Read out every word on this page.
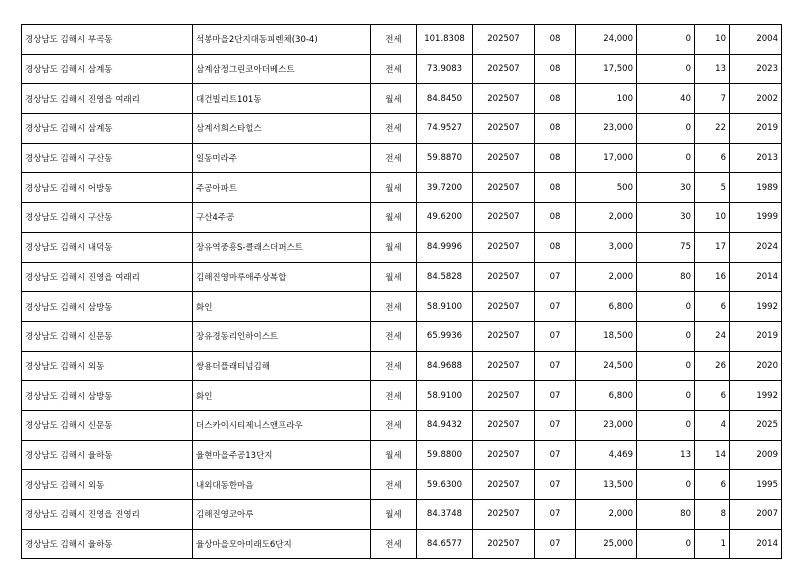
경상남도 김해시 부곡동	석봉마을2단지대동피렌체(30-4)	전세	101.8308	202507	08	24,000	0	10	2004
경상남도 김해시 삼계동	삼계삼정그린코아더베스트	전세	73.9083	202507	08	17,500	0	13	2023
경상남도 김해시 진영읍 여래리	대건빌리트101동	월세	84.8450	202507	08	100	40	7	2002
경상남도 김해시 삼계동	삼계서희스타힐스	전세	74.9527	202507	08	23,000	0	22	2019
경상남도 김해시 구산동	일동미라주	전세	59.8870	202507	08	17,000	0	6	2013
경상남도 김해시 어방동	주공아파트	월세	39.7200	202507	08	500	30	5	1989
경상남도 김해시 구산동	구산4주공	월세	49.6200	202507	08	2,000	30	10	1999
경상남도 김해시 내덕동	장유역중흥S-클래스더퍼스트	월세	84.9996	202507	08	3,000	75	17	2024
경상남도 김해시 진영읍 여래리	김해진영마루애주상복합	월세	84.5828	202507	07	2,000	80	16	2014
경상남도 김해시 삼방동	화인	전세	58.9100	202507	07	6,800	0	6	1992
경상남도 김해시 신문동	장유경동리인하이스트	전세	65.9936	202507	07	18,500	0	24	2019
경상남도 김해시 외동	쌍용더플래티넘김해	전세	84.9688	202507	07	24,500	0	26	2020
경상남도 김해시 삼방동	화인	전세	58.9100	202507	07	6,800	0	6	1992
경상남도 김해시 신문동	더스카이시티제니스앤프라우	전세	84.9432	202507	07	23,000	0	4	2025
경상남도 김해시 율하동	율현마을주공13단지	월세	59.8800	202507	07	4,469	13	14	2009
경상남도 김해시 외동	내외대동한마음	전세	59.6300	202507	07	13,500	0	6	1995
경상남도 김해시 진영읍 진영리	김해진영코아루	월세	84.3748	202507	07	2,000	80	8	2007
경상남도 김해시 율하동	율상마을모아미래도6단지	전세	84.6577	202507	07	25,000	0	1	2014
